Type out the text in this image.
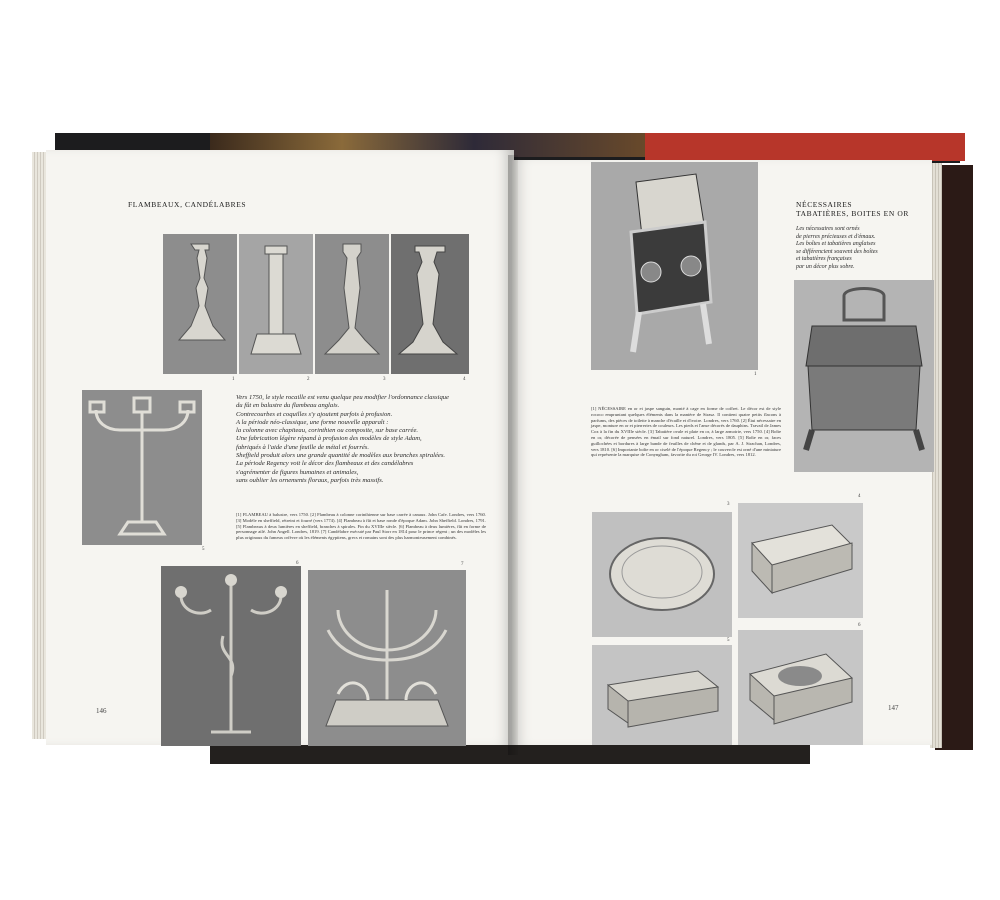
FLAMBEAUX, CANDÉLABRES
1	2	3	4
5
Vers 1750, le style rocaille est venu quelque peu modifier l'ordonnance classique
du fût en balustre du flambeau anglais.
Contrecourbes et coquilles s'y ajoutent parfois à profusion.
A la période néo-classique, une forme nouvelle apparaît :
la colonne avec chapiteau, corinthien ou composite, sur base carrée.
Une fabrication légère répand à profusion des modèles de style Adam,
fabriqués à l'aide d'une feuille de métal et fourrés.
Sheffield produit alors une grande quantité de modèles aux branches spiralées.
La période Regency voit le décor des flambeaux et des candélabres
s'agrémenter de figures humaines et animales,
sans oublier les ornements floraux, parfois très massifs.
[1] FLAMBEAU à balustre, vers 1750. [2] Flambeau à colonne corinthienne sur base carrée à canaux. John Cafe. Londres, vers 1760. [3] Modèle en sheffield, rétreint et fourré (vers 1774). [4] Flambeau à fût et base ronde d'époque Adam. John Sheffield. Londres, 1791. [5] Flambeaux à deux lumières en sheffield, branches à spirales. Fin du XVIIIe siècle. [6] Flambeau à deux lumières, fût en forme de personnage ailé. John Angell. Londres, 1819. [7] Candélabre exécuté par Paul Storr en 1814 pour le prince régent ; un des modèles les plus originaux du fameux orfèvre où les éléments égyptiens, grecs et romains sont des plus harmonieusement combinés.
6	7
146
1
NÉCESSAIRES
TABATIÈRES, BOITES EN OR
Les nécessaires sont ornés
de pierres précieuses et d'émaux.
Les boîtes et tabatières anglaises
se différencient souvent des boîtes
et tabatières françaises
par un décor plus sobre.
[1] NÉCESSAIRE en or et jaspe sanguin, monté à cage en forme de coffret. Le décor est de style rococo empruntant quelques éléments dans la manière de Strasz. Il contient quatre petits flacons à parfums, des pièces de toilette à manche d'écaille et d'ivoire. Londres, vers 1760. [2] Étui nécessaire en jaspe, monture en or et pierreries de couleurs. Les pieds et l'anse décorés de dauphins. Travail de James Cox à la fin du XVIIIe siècle. [3] Tabatière ovale et plate en or, à large armoirie, vers 1750. [4] Boîte en or, décorée de pensées en émail sur fond naturel. Londres, vers 1805. [5] Boîte en or, faces guillochées et bordures à large bande de feuilles de chêne et de glands, par A. J. Strachan, Londres, vers 1810. [6] Importante boîte en or ciselé de l'époque Regency ; le couvercle est orné d'une miniature qui représente la marquise de Conyngham, favorite du roi George IV. Londres, vers 1812.
3
4
5
6
147
